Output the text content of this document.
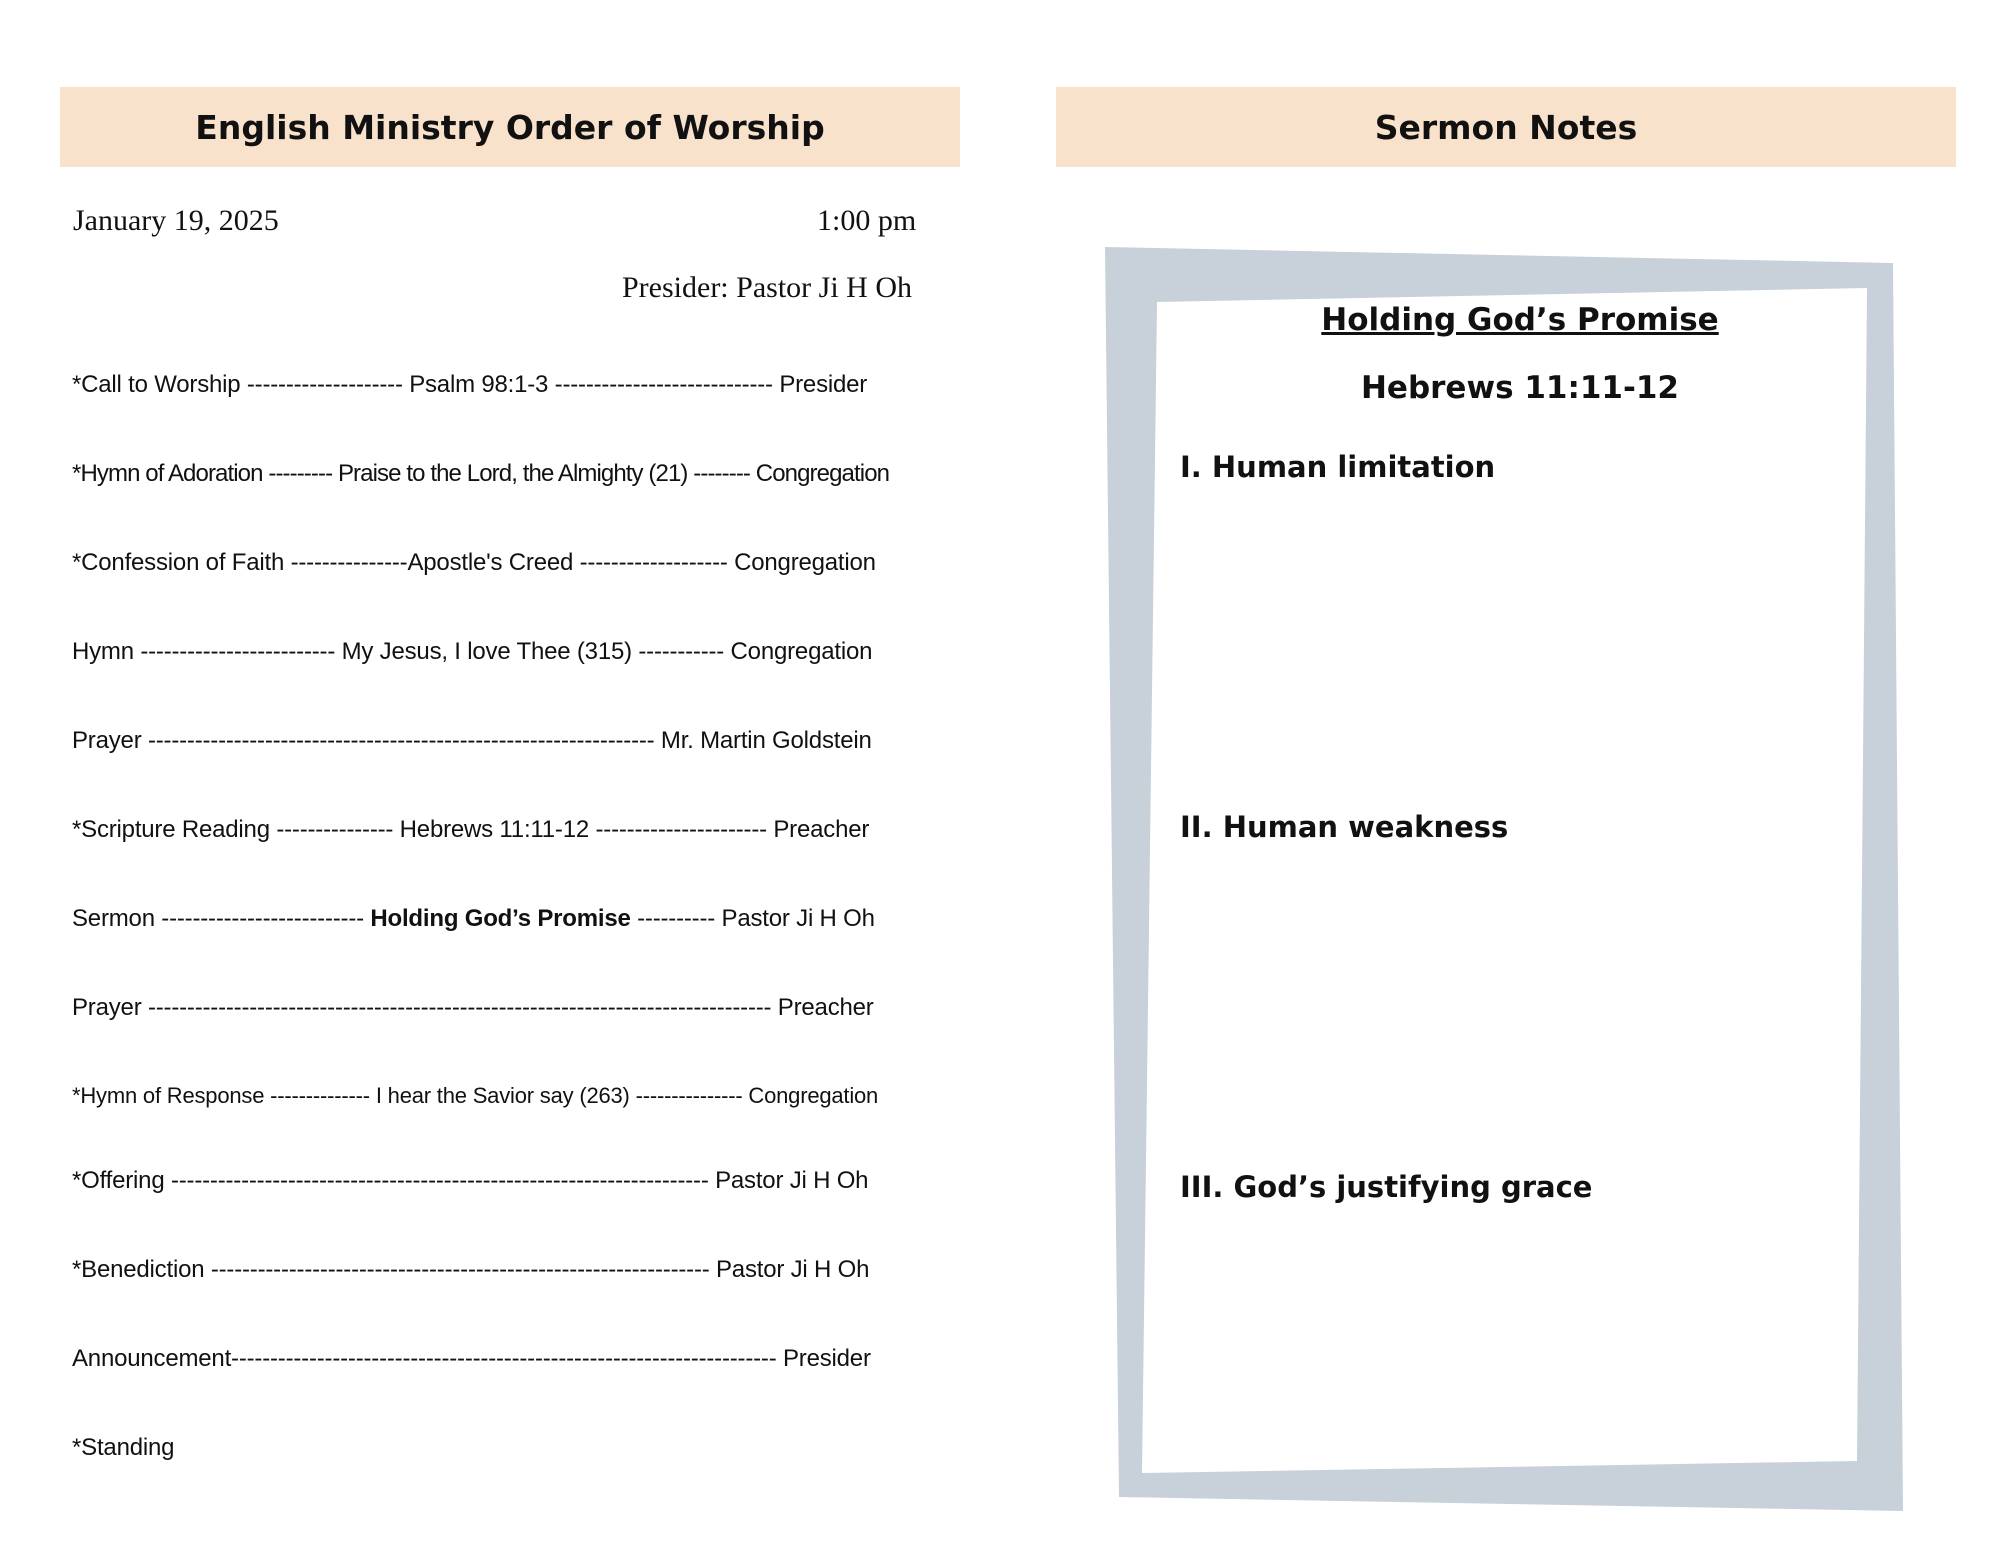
English Ministry Order of Worship
January 19, 2025	1:00 pm
Presider: Pastor Ji H Oh
*Call to Worship -------------------- Psalm 98:1-3 ---------------------------- Presider
*Hymn of Adoration --------- Praise to the Lord, the Almighty (21) -------- Congregation
*Confession of Faith ---------------Apostle's Creed ------------------- Congregation
Hymn ------------------------- My Jesus, I love Thee (315) ----------- Congregation
Prayer ----------------------------------------------------------------- Mr. Martin Goldstein
*Scripture Reading --------------- Hebrews 11:11-12 ---------------------- Preacher
Sermon -------------------------- Holding God’s Promise ---------- Pastor Ji H Oh
Prayer -------------------------------------------------------------------------------- Preacher
*Hymn of Response -------------- I hear the Savior say (263) --------------- Congregation
*Offering --------------------------------------------------------------------- Pastor Ji H Oh
*Benediction ---------------------------------------------------------------- Pastor Ji H Oh
Announcement---------------------------------------------------------------------- Presider
*Standing
Sermon Notes
Holding God’s Promise
Hebrews 11:11-12
I. Human limitation
II. Human weakness
III. God’s justifying grace
